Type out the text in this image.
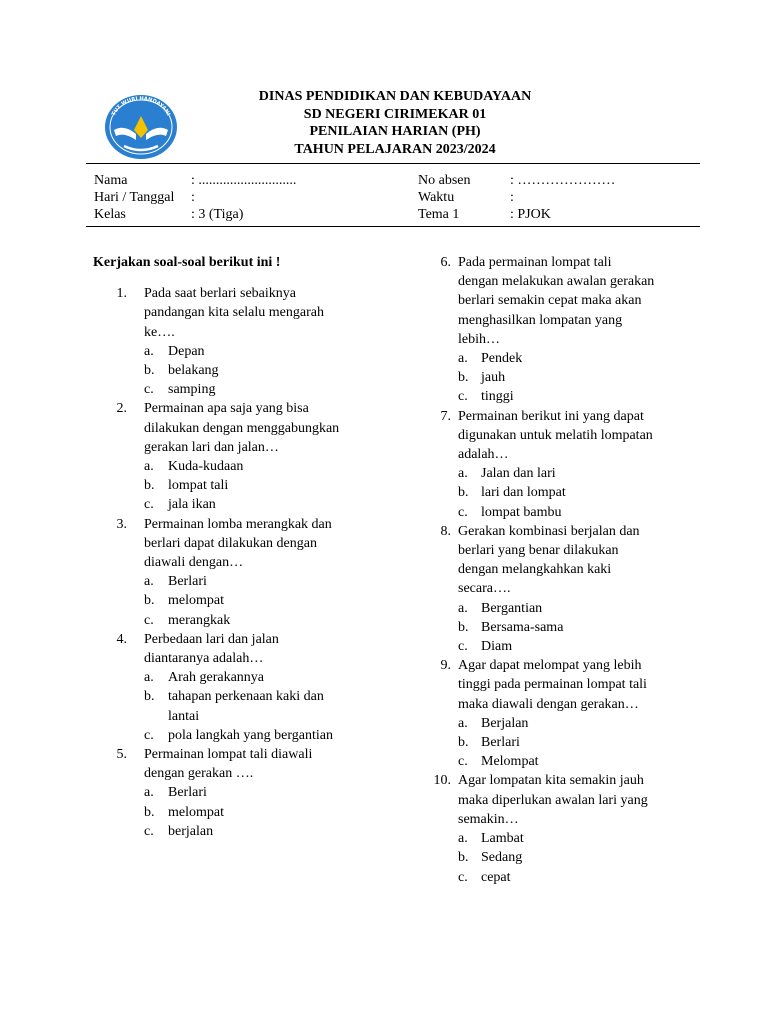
TUT WURI HANDAYANI
DINAS PENDIDIKAN DAN KEBUDAYAAN
SD NEGERI CIRIMEKAR 01
PENILAIAN HARIAN (PH)
TAHUN PELAJARAN 2023/2024
Nama	: ............................
Hari / Tanggal :
Kelas	: 3 (Tiga)
No absen	: …………………
Waktu	:
Tema 1	: PJOK
Kerjakan soal-soal berikut ini !
1. Pada saat berlari sebaiknya
pandangan kita selalu mengarah
ke….
a. Depan
b. belakang
c. samping
2. Permainan apa saja yang bisa
dilakukan dengan menggabungkan
gerakan lari dan jalan…
a. Kuda-kudaan
b. lompat tali
c. jala ikan
3. Permainan lomba merangkak dan
berlari dapat dilakukan dengan
diawali dengan…
a. Berlari
b. melompat
c. merangkak
4. Perbedaan lari dan jalan
diantaranya adalah…
a. Arah gerakannya
b. tahapan perkenaan kaki dan
lantai
c. pola langkah yang bergantian
5. Permainan lompat tali diawali
dengan gerakan ….
a. Berlari
b. melompat
c. berjalan
6. Pada permainan lompat tali
dengan melakukan awalan gerakan
berlari semakin cepat maka akan
menghasilkan lompatan yang
lebih…
a. Pendek
b. jauh
c. tinggi
7. Permainan berikut ini yang dapat
digunakan untuk melatih lompatan
adalah…
a. Jalan dan lari
b. lari dan lompat
c. lompat bambu
8. Gerakan kombinasi berjalan dan
berlari yang benar dilakukan
dengan melangkahkan kaki
secara….
a. Bergantian
b. Bersama-sama
c. Diam
9. Agar dapat melompat yang lebih
tinggi pada permainan lompat tali
maka diawali dengan gerakan…
a. Berjalan
b. Berlari
c. Melompat
10. Agar lompatan kita semakin jauh
maka diperlukan awalan lari yang
semakin…
a. Lambat
b. Sedang
c. cepat
